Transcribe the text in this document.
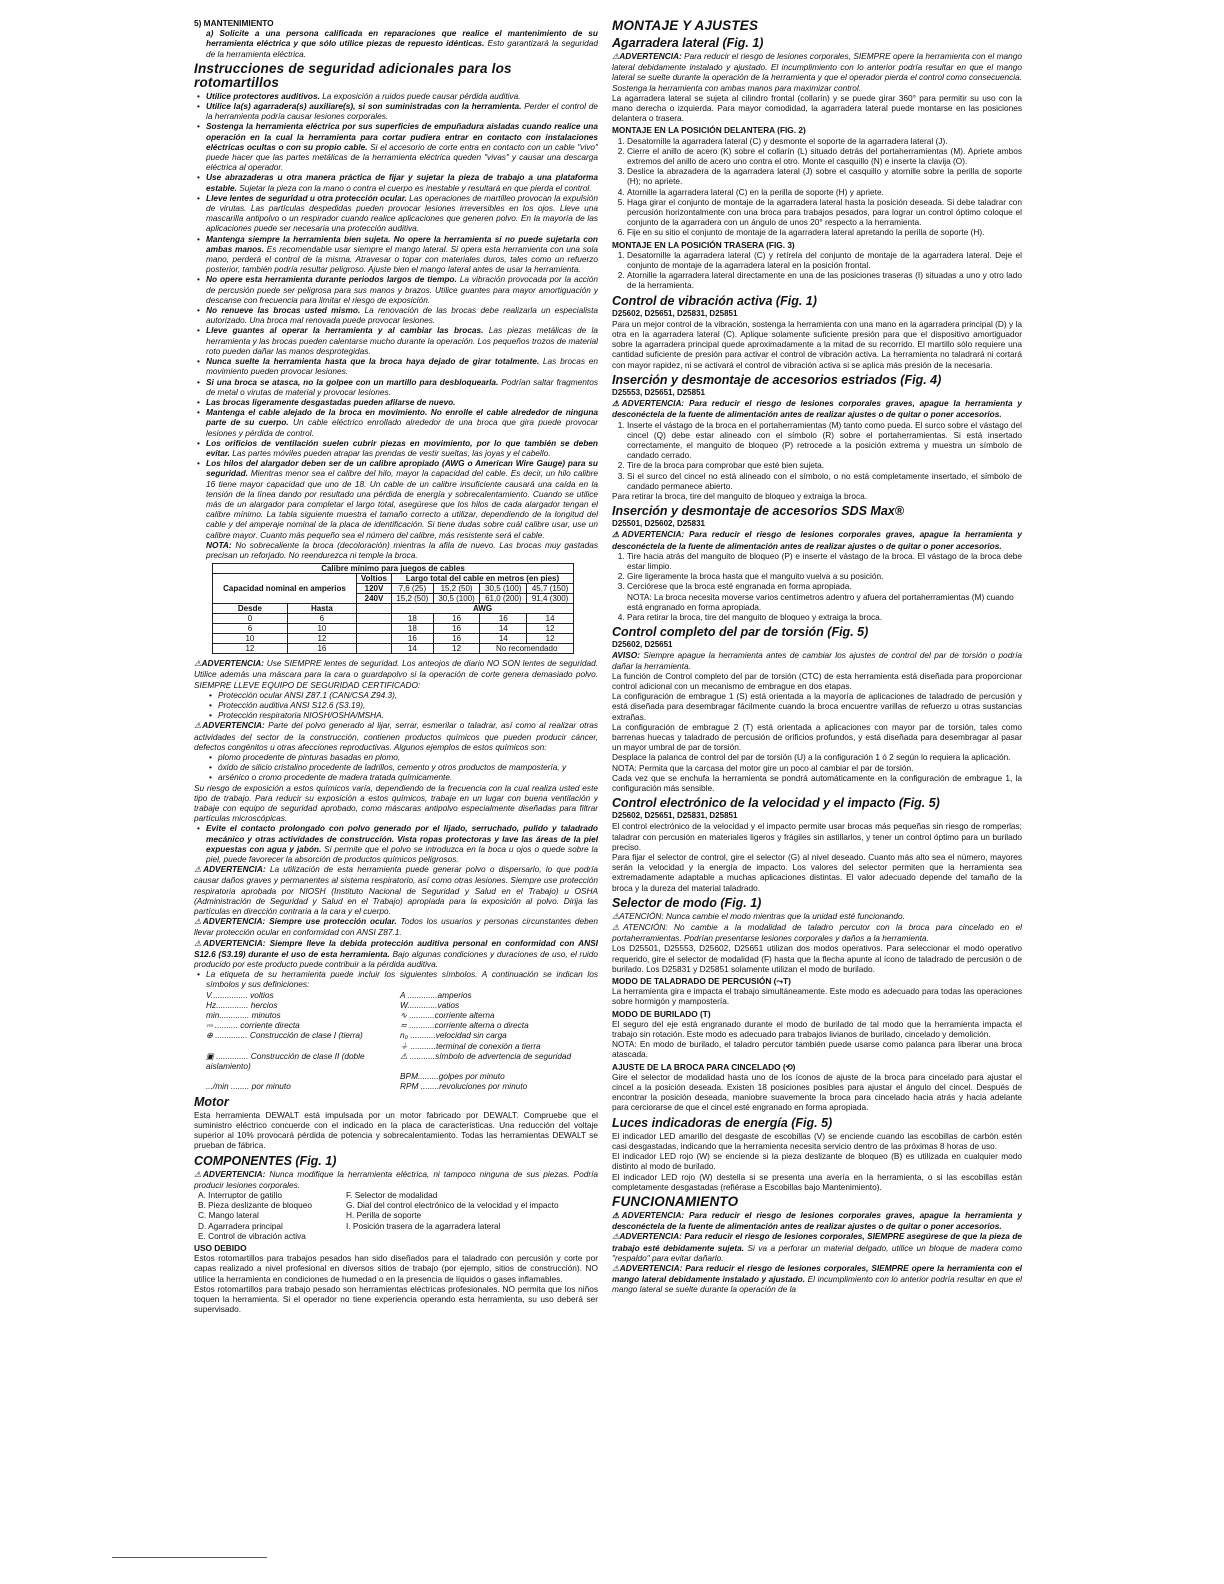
5) MANTENIMIENTO

a) Solicite a una persona calificada en reparaciones que realice el mantenimiento de su herramienta eléctrica y que sólo utilice piezas de repuesto idénticas. Esto garantizará la seguridad de la herramienta eléctrica.

Instrucciones de seguridad adicionales para los rotomartillos
• Utilice protectores auditivos. La exposición a ruidos puede causar pérdida auditiva.
• Utilice la(s) agarradera(s) auxiliare(s), si son suministradas con la herramienta. Perder el control de la herramienta podría causar lesiones corporales.
• Sostenga la herramienta eléctrica por sus superficies de empuñadura aisladas cuando realice una operación en la cual la herramienta para cortar pudiera entrar en contacto con instalaciones eléctricas ocultas o con su propio cable. Si el accesorio de corte entra en contacto con un cable "vivo" puede hacer que las partes metálicas de la herramienta eléctrica queden "vivas" y causar una descarga eléctrica al operador.
• Use abrazaderas u otra manera práctica de fijar y sujetar la pieza de trabajo a una plataforma estable. Sujetar la pieza con la mano o contra el cuerpo es inestable y resultará en que pierda el control.
• Lleve lentes de seguridad u otra protección ocular. Las operaciones de martilleo provocan la expulsión de virutas. Las partículas despedidas pueden provocar lesiones irreversibles en los ojos. Lleve una mascarilla antipolvo o un respirador cuando realice aplicaciones que generen polvo. En la mayoría de las aplicaciones puede ser necesaria una protección auditiva.
• Mantenga siempre la herramienta bien sujeta. No opere la herramienta si no puede sujetarla con ambas manos. Es recomendable usar siempre el mango lateral. Si opera esta herramienta con una sola mano, perderá el control de la misma. Atravesar o topar con materiales duros, tales como un refuerzo posterior, también podría resultar peligroso. Ajuste bien el mango lateral antes de usar la herramienta.
• No opere esta herramienta durante periodos largos de tiempo. La vibración provocada por la acción de percusión puede ser peligrosa para sus manos y brazos. Utilice guantes para mayor amortiguación y descanse con frecuencia para limitar el riesgo de exposición.
• No renueve las brocas usted mismo. La renovación de las brocas debe realizarla un especialista autorizado. Una broca mal renovada puede provocar lesiones.
• Lleve guantes al operar la herramienta y al cambiar las brocas. Las piezas metálicas de la herramienta y las brocas pueden calentarse mucho durante la operación. Los pequeños trozos de material roto pueden dañar las manos desprotegidas.
• Nunca suelte la herramienta hasta que la broca haya dejado de girar totalmente. Las brocas en movimiento pueden provocar lesiones.
• Si una broca se atasca, no la golpee con un martillo para desbloquearla. Podrían saltar fragmentos de metal o virutas de material y provocar lesiones.
• Las brocas ligeramente desgastadas pueden afilarse de nuevo.
• Mantenga el cable alejado de la broca en movimiento. No enrolle el cable alrededor de ninguna parte de su cuerpo. Un cable eléctrico enrollado alrededor de una broca que gira puede provocar lesiones y pérdida de control.
• Los orificios de ventilación suelen cubrir piezas en movimiento, por lo que también se deben evitar. Las partes móviles pueden atrapar las prendas de vestir sueltas, las joyas y el cabello.
• Los hilos del alargador deben ser de un calibre apropiado (AWG o American Wire Gauge) para su seguridad. Mientras menor sea el calibre del hilo, mayor la capacidad del cable. Es decir, un hilo calibre 16 tiene mayor capacidad que uno de 18. Un cable de un calibre insuficiente causará una caída en la tensión de la línea dando por resultado una pérdida de energía y sobrecalentamiento. Cuando se utilice más de un alargador para completar el largo total, asegúrese que los hilos de cada alargador tengan el calibre mínimo. La tabla siguiente muestra el tamaño correcto a utilizar, dependiendo de la longitud del cable y del amperaje nominal de la placa de identificación. Si tiene dudas sobre cuál calibre usar, use un calibre mayor. Cuanto más pequeño sea el número del calibre, más resistente será el cable.

NOTA: No sobrecaliente la broca (decoloración) mientras la afila de nuevo. Las brocas muy gastadas precisan un reforjado. No reendurezca ni temple la broca.

Calibre mínimo para juegos de cables						
Capacidad nominal en amperios		Voltios	Largo total del cable en metros (en pies)			
		120V	7,6 (25)	15,2 (50)	30,5 (100)	45,7 (150)
		240V	15,2 (50)	30,5 (100)	61,0 (200)	91,4 (300)
Desde	Hasta		AWG			
0	6		18	16	16	14
6	10		18	16	14	12
10	12		16	16	14	12
12	16		14	12	No recomendado	

⚠ADVERTENCIA: Use SIEMPRE lentes de seguridad. Los anteojos de diario NO SON lentes de seguridad. Utilice además una máscara para la cara o guardapolvo si la operación de corte genera demasiado polvo. SIEMPRE LLEVE EQUIPO DE SEGURIDAD CERTIFICADO:

• Protección ocular ANSI Z87.1 (CAN/CSA Z94.3),
• Protección auditiva ANSI S12.6 (S3.19),
• Protección respiratoria NIOSH/OSHA/MSHA.

⚠ADVERTENCIA: Parte del polvo generado al lijar, serrar, esmerilar o taladrar, así como al realizar otras actividades del sector de la construcción, contienen productos químicos que pueden producir cáncer, defectos congénitos u otras afecciones reproductivas. Algunos ejemplos de estos químicos son:

• plomo procedente de pinturas basadas en plomo,
• óxido de silicio cristalino procedente de ladrillos, cemento y otros productos de mampostería, y
• arsénico o cromo procedente de madera tratada químicamente.

Su riesgo de exposición a estos químicos varía, dependiendo de la frecuencia con la cual realiza usted este tipo de trabajo. Para reducir su exposición a estos químicos, trabaje en un lugar con buena ventilación y trabaje con equipo de seguridad aprobado, como máscaras antipolvo especialmente diseñadas para filtrar partículas microscópicas.

• Evite el contacto prolongado con polvo generado por el lijado, serruchado, pulido y taladrado mecánico y otras actividades de construcción. Vista ropas protectoras y lave las áreas de la piel expuestas con agua y jabón. Si permite que el polvo se introduzca en la boca u ojos o quede sobre la piel, puede favorecer la absorción de productos químicos peligrosos.

⚠ADVERTENCIA: La utilización de esta herramienta puede generar polvo o dispersarlo, lo que podría causar daños graves y permanentes al sistema respiratorio, así como otras lesiones. Siempre use protección respiratoria aprobada por NIOSH (Instituto Nacional de Seguridad y Salud en el Trabajo) u OSHA (Administración de Seguridad y Salud en el Trabajo) apropiada para la exposición al polvo. Dirija las partículas en dirección contraria a la cara y el cuerpo.

⚠ADVERTENCIA: Siempre use protección ocular. Todos los usuarios y personas circunstantes deben llevar protección ocular en conformidad con ANSI Z87.1.

⚠ADVERTENCIA: Siempre lleve la debida protección auditiva personal en conformidad con ANSI S12.6 (S3.19) durante el uso de esta herramienta. Bajo algunas condiciones y duraciones de uso, el ruido producido por este producto puede contribuir a la pérdida auditiva.

• La etiqueta de su herramienta puede incluir los siguientes símbolos. A continuación se indican los símbolos y sus definiciones:
V................ voltios	A .............amperios
Hz.............. hercios	W.............vatios
min............. minutos	∿ ...........corriente alterna
⎓ .......... corriente directa	≂ ...........corriente alterna o directa
⊕ .............. Construcción de clase I (tierra)	n₀ ...........velocidad sin carga
⏚ ...........terminal de conexión a tierra
▣ .............. Construcción de clase II (doble aislamiento)
⚠ ...........símbolo de advertencia de seguridad
BPM.........golpes por minuto
.../min ........ por minuto	RPM ........revoluciones por minuto
Motor

Esta herramienta DEWALT está impulsada por un motor fabricado por DEWALT. Compruebe que el suministro eléctrico concuerde con el indicado en la placa de características. Una reducción del voltaje superior al 10% provocará pérdida de potencia y sobrecalentamiento. Todas las herramientas DEWALT se prueban de fábrica.

COMPONENTES (Fig. 1)

⚠ADVERTENCIA: Nunca modifique la herramienta eléctrica, ni tampoco ninguna de sus piezas. Podría producir lesiones corporales.

A. Interruptor de gatillo	F. Selector de modalidad
B. Pieza deslizante de bloqueo	G. Dial del control electrónico de la velocidad y el impacto
C. Mango lateral	H. Perilla de soporte
D. Agarradera principal	I. Posición trasera de la agarradera lateral
E. Control de vibración activa
USO DEBIDO

Estos rotomartillos para trabajos pesados han sido diseñados para el taladrado con percusión y corte por capas realizado a nivel profesional en diversos sitios de trabajo (por ejemplo, sitios de construcción). NO utilice la herramienta en condiciones de humedad o en la presencia de líquidos o gases inflamables.

Estos rotomartillos para trabajo pesado son herramientas eléctricas profesionales. NO permita que los niños toquen la herramienta. Si el operador no tiene experiencia operando esta herramienta, su uso deberá ser supervisado.

MONTAJE Y AJUSTES
Agarradera lateral (Fig. 1)

⚠ADVERTENCIA: Para reducir el riesgo de lesiones corporales, SIEMPRE opere la herramienta con el mango lateral debidamente instalado y ajustado. El incumplimiento con lo anterior podría resultar en que el mango lateral se suelte durante la operación de la herramienta y que el operador pierda el control como consecuencia. Sostenga la herramienta con ambas manos para maximizar control.

La agarradera lateral se sujeta al cilindro frontal (collarín) y se puede girar 360° para permitir su uso con la mano derecha o izquierda. Para mayor comodidad, la agarradera lateral puede montarse en las posiciones delantera o trasera.

MONTAJE EN LA POSICIÓN DELANTERA (FIG. 2)
1. Desatornille la agarradera lateral (C) y desmonte el soporte de la agarradera lateral (J).
2. Cierre el anillo de acero (K) sobre el collarín (L) situado detrás del portaherramientas (M). Apriete ambos extremos del anillo de acero uno contra el otro. Monte el casquillo (N) e inserte la clavija (O).
3. Deslice la abrazadera de la agarradera lateral (J) sobre el casquillo y atornille sobre la perilla de soporte (H); no apriete.
4. Atornille la agarradera lateral (C) en la perilla de soporte (H) y apriete.
5. Haga girar el conjunto de montaje de la agarradera lateral hasta la posición deseada. Si debe taladrar con percusión horizontalmente con una broca para trabajos pesados, para lograr un control óptimo coloque el conjunto de la agarradera con un ángulo de unos 20° respecto a la herramienta.
6. Fije en su sitio el conjunto de montaje de la agarradera lateral apretando la perilla de soporte (H).
MONTAJE EN LA POSICIÓN TRASERA (FIG. 3)
1. Desatornille la agarradera lateral (C) y retírela del conjunto de montaje de la agarradera lateral. Deje el conjunto de montaje de la agarradera lateral en la posición frontal.
2. Atornille la agarradera lateral directamente en una de las posiciones traseras (I) situadas a uno y otro lado de la herramienta.
Control de vibración activa (Fig. 1)
D25602, D25651, D25831, D25851

Para un mejor control de la vibración, sostenga la herramienta con una mano en la agarradera principal (D) y la otra en la agarradera lateral (C). Aplique solamente suficiente presión para que el dispositivo amortiguador sobre la agarradera principal quede aproximadamente a la mitad de su recorrido. El martillo sólo requiere una cantidad suficiente de presión para activar el control de vibración activa. La herramienta no taladrará ni cortará con mayor rapidez, ni se activará el control de vibración activa si se aplica más presión de la necesaria.

Inserción y desmontaje de accesorios estriados (Fig. 4)
D25553, D25651, D25851

⚠ADVERTENCIA: Para reducir el riesgo de lesiones corporales graves, apague la herramienta y desconéctela de la fuente de alimentación antes de realizar ajustes o de quitar o poner accesorios.

1. Inserte el vástago de la broca en el portaherramientas (M) tanto como pueda. El surco sobre el vástago del cincel (Q) debe estar alineado con el símbolo (R) sobre el portaherramientas. Si está insertado correctamente, el manguito de bloqueo (P) retrocede a la posición extrema y muestra un símbolo de candado cerrado.
2. Tire de la broca para comprobar que esté bien sujeta.
3. Si el surco del cincel no está alineado con el símbolo, o no está completamente insertado, el símbolo de candado permanece abierto.

Para retirar la broca, tire del manguito de bloqueo y extraiga la broca.

Inserción y desmontaje de accesorios SDS Max®
D25501, D25602, D25831

⚠ADVERTENCIA: Para reducir el riesgo de lesiones corporales graves, apague la herramienta y desconéctela de la fuente de alimentación antes de realizar ajustes o de quitar o poner accesorios.

1. Tire hacia atrás del manguito de bloqueo (P) e inserte el vástago de la broca. El vástago de la broca debe estar limpio.
2. Gire ligeramente la broca hasta que el manguito vuelva a su posición.
3. Cerciórese que la broca esté engranada en forma apropiada.
NOTA: La broca necesita moverse varios centímetros adentro y afuera del portaherramientas (M) cuando está engranado en forma apropiada.
4. Para retirar la broca, tire del manguito de bloqueo y extraiga la broca.
Control completo del par de torsión (Fig. 5)
D25602, D25651

AVISO: Siempre apague la herramienta antes de cambiar los ajustes de control del par de torsión o podría dañar la herramienta.

La función de Control completo del par de torsión (CTC) de esta herramienta está diseñada para proporcionar control adicional con un mecanismo de embrague en dos etapas.

La configuración de embrague 1 (S) está orientada a la mayoría de aplicaciones de taladrado de percusión y está diseñada para desembragar fácilmente cuando la broca encuentre varillas de refuerzo u otras sustancias extrañas.

La configuración de embrague 2 (T) está orientada a aplicaciones con mayor par de torsión, tales como barrenas huecas y taladrado de percusión de orificios profundos, y está diseñada para desembragar al pasar un mayor umbral de par de torsión.

Desplace la palanca de control del par de torsión (U) a la configuración 1 ó 2 según lo requiera la aplicación.

NOTA: Permita que la carcasa del motor gire un poco al cambiar el par de torsión.

Cada vez que se enchufa la herramienta se pondrá automáticamente en la configuración de embrague 1, la configuración más sensible.

Control electrónico de la velocidad y el impacto (Fig. 5)
D25602, D25651, D25831, D25851

El control electrónico de la velocidad y el impacto permite usar brocas más pequeñas sin riesgo de romperlas; taladrar con percusión en materiales ligeros y frágiles sin astillarlos, y tener un control óptimo para un burilado preciso.

Para fijar el selector de control, gire el selector (G) al nivel deseado. Cuanto más alto sea el número, mayores serán la velocidad y la energía de impacto. Los valores del selector permiten que la herramienta sea extremadamente adaptable a muchas aplicaciones distintas. El valor adecuado depende del tamaño de la broca y la dureza del material taladrado.

Selector de modo (Fig. 1)

⚠ATENCIÓN: Nunca cambie el modo mientras que la unidad esté funcionando.

⚠ATENCIÓN: No cambie a la modalidad de taladro percutor con la broca para cincelado en el portaherramientas. Podrían presentarse lesiones corporales y daños a la herramienta.

Los D25501, D25553, D25602, D25651 utilizan dos modos operativos. Para seleccionar el modo operativo requerido, gire el selector de modalidad (F) hasta que la flecha apunte al ícono de taladrado de percusión o de burilado. Los D25831 y D25851 solamente utilizan el modo de burilado.

MODO DE TALADRADO DE PERCUSIÓN (⤳T)

La herramienta gira e impacta el trabajo simultáneamente. Este modo es adecuado para todas las operaciones sobre hormigón y mampostería.

MODO DE BURILADO (T)

El seguro del eje está engranado durante el modo de burilado de tal modo que la herramienta impacta el trabajo sin rotación. Este modo es adecuado para trabajos livianos de burilado, cincelado y demolición.

NOTA: En modo de burilado, el taladro percutor también puede usarse como palanca para liberar una broca atascada.

AJUSTE DE LA BROCA PARA CINCELADO (⟲)

Gire el selector de modalidad hasta uno de los íconos de ajuste de la broca para cincelado para ajustar el cincel a la posición deseada. Existen 18 posiciones posibles para ajustar el ángulo del cincel. Después de encontrar la posición deseada, maniobre suavemente la broca para cincelado hacia atrás y hacia adelante para cerciorarse de que el cincel esté engranado en forma apropiada.

Luces indicadoras de energía (Fig. 5)

El indicador LED amarillo del desgaste de escobillas (V) se enciende cuando las escobillas de carbón estén casi desgastadas, indicando que la herramienta necesita servicio dentro de las próximas 8 horas de uso.

El indicador LED rojo (W) se enciende si la pieza deslizante de bloqueo (B) es utilizada en cualquier modo distinto al modo de burilado.

El indicador LED rojo (W) destella si se presenta una avería en la herramienta, o si las escobillas están completamente desgastadas (refiérase a Escobillas bajo Mantenimiento).

FUNCIONAMIENTO

⚠ADVERTENCIA: Para reducir el riesgo de lesiones corporales graves, apague la herramienta y desconéctela de la fuente de alimentación antes de realizar ajustes o de quitar o poner accesorios.

⚠ADVERTENCIA: Para reducir el riesgo de lesiones corporales, SIEMPRE asegúrese de que la pieza de trabajo esté debidamente sujeta. Si va a perforar un material delgado, utilice un bloque de madera como "respaldo" para evitar dañarlo.

⚠ADVERTENCIA: Para reducir el riesgo de lesiones corporales, SIEMPRE opere la herramienta con el mango lateral debidamente instalado y ajustado. El incumplimiento con lo anterior podría resultar en que el mango lateral se suelte durante la operación de la
